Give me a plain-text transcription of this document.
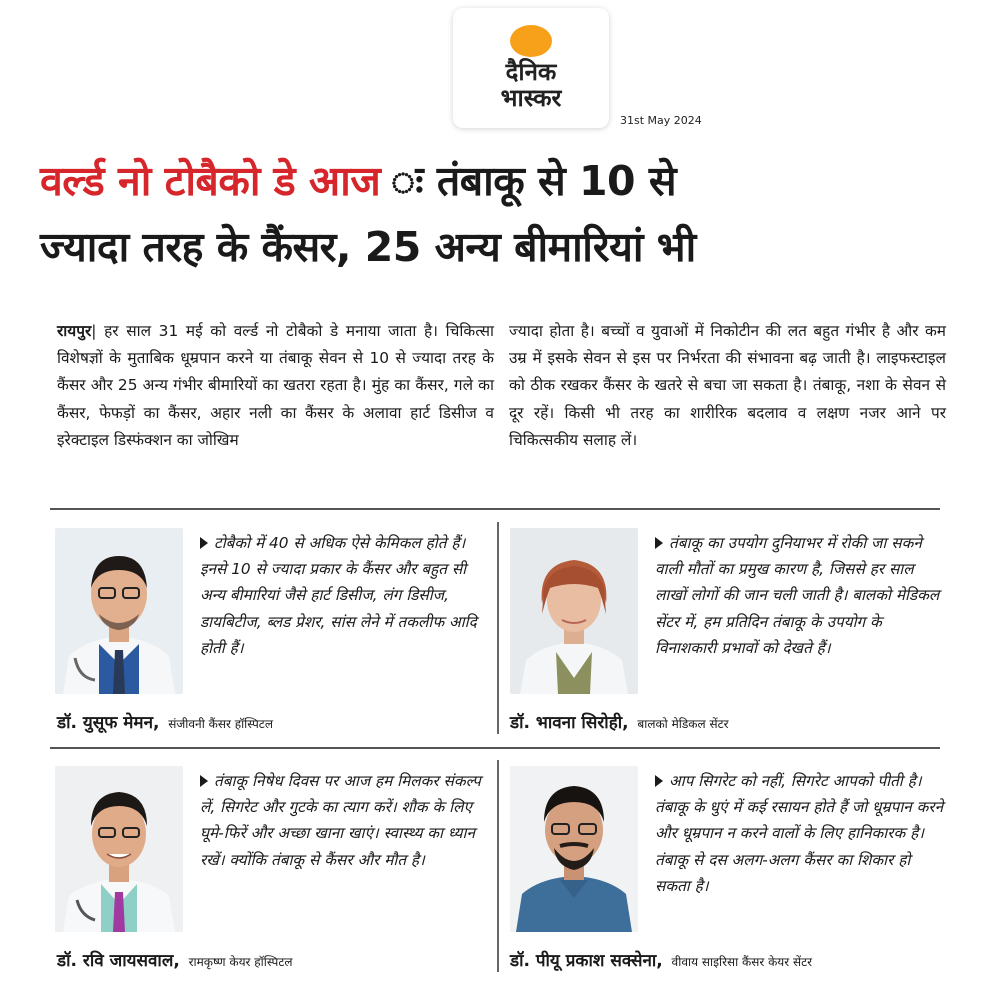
दैनिक
भास्कर
31st May 2024
वर्ल्ड नो टोबैको डे आज तंबाकू से 10 से
ज्यादा तरह के कैंसर, 25 अन्य बीमारियां भी
रायपुर| हर साल 31 मई को वर्ल्ड नो टोबैको डे मनाया जाता है। चिकित्सा विशेषज्ञों के मुताबिक धूम्रपान करने या तंबाकू सेवन से 10 से ज्यादा तरह के कैंसर और 25 अन्य गंभीर बीमारियों का खतरा रहता है। मुंह का कैंसर, गले का कैंसर, फेफड़ों का कैंसर, अहार नली का कैंसर के अलावा हार्ट डिसीज व इरेक्टाइल डिस्फंक्शन का जोखिम
ज्यादा होता है। बच्चों व युवाओं में निकोटीन की लत बहुत गंभीर है और कम उम्र में इसके सेवन से इस पर निर्भरता की संभावना बढ़ जाती है। लाइफस्टाइल को ठीक रखकर कैंसर के खतरे से बचा जा सकता है। तंबाकू, नशा के सेवन से दूर रहें। किसी भी तरह का शारीरिक बदलाव व लक्षण नजर आने पर चिकित्सकीय सलाह लें।
टोबैको में 40 से अधिक ऐसे केमिकल होते हैं। इनसे 10 से ज्यादा प्रकार के कैंसर और बहुत सी अन्य बीमारियां जैसे हार्ट डिसीज, लंग डिसीज, डायबिटीज, ब्लड प्रेशर, सांस लेने में तकलीफ आदि होती हैं।
डॉ. युसूफ मेमन, संजीवनी कैंसर हॉस्पिटल
तंबाकू का उपयोग दुनियाभर में रोकी जा सकने वाली मौतों का प्रमुख कारण है, जिससे हर साल लाखों लोगों की जान चली जाती है। बालको मेडिकल सेंटर में, हम प्रतिदिन तंबाकू के उपयोग के विनाशकारी प्रभावों को देखते हैं।
डॉ. भावना सिरोही, बालको मेडिकल सेंटर
तंबाकू निषेध दिवस पर आज हम मिलकर संकल्प लें, सिगरेट और गुटके का त्याग करें। शौक के लिए घूमे-फिरें और अच्छा खाना खाएं। स्वास्थ्य का ध्यान रखें। क्योंकि तंबाकू से कैंसर और मौत है।
डॉ. रवि जायसवाल, रामकृष्ण केयर हॉस्पिटल
आप सिगरेट को नहीं, सिगरेट आपको पीती है। तंबाकू के धुएं में कई रसायन होते हैं जो धूम्रपान करने और धूम्रपान न करने वालों के लिए हानिकारक है। तंबाकू से दस अलग-अलग कैंसर का शिकार हो सकता है।
डॉ. पीयू प्रकाश सक्सेना, वीवाय साइरिसा कैंसर केयर सेंटर
